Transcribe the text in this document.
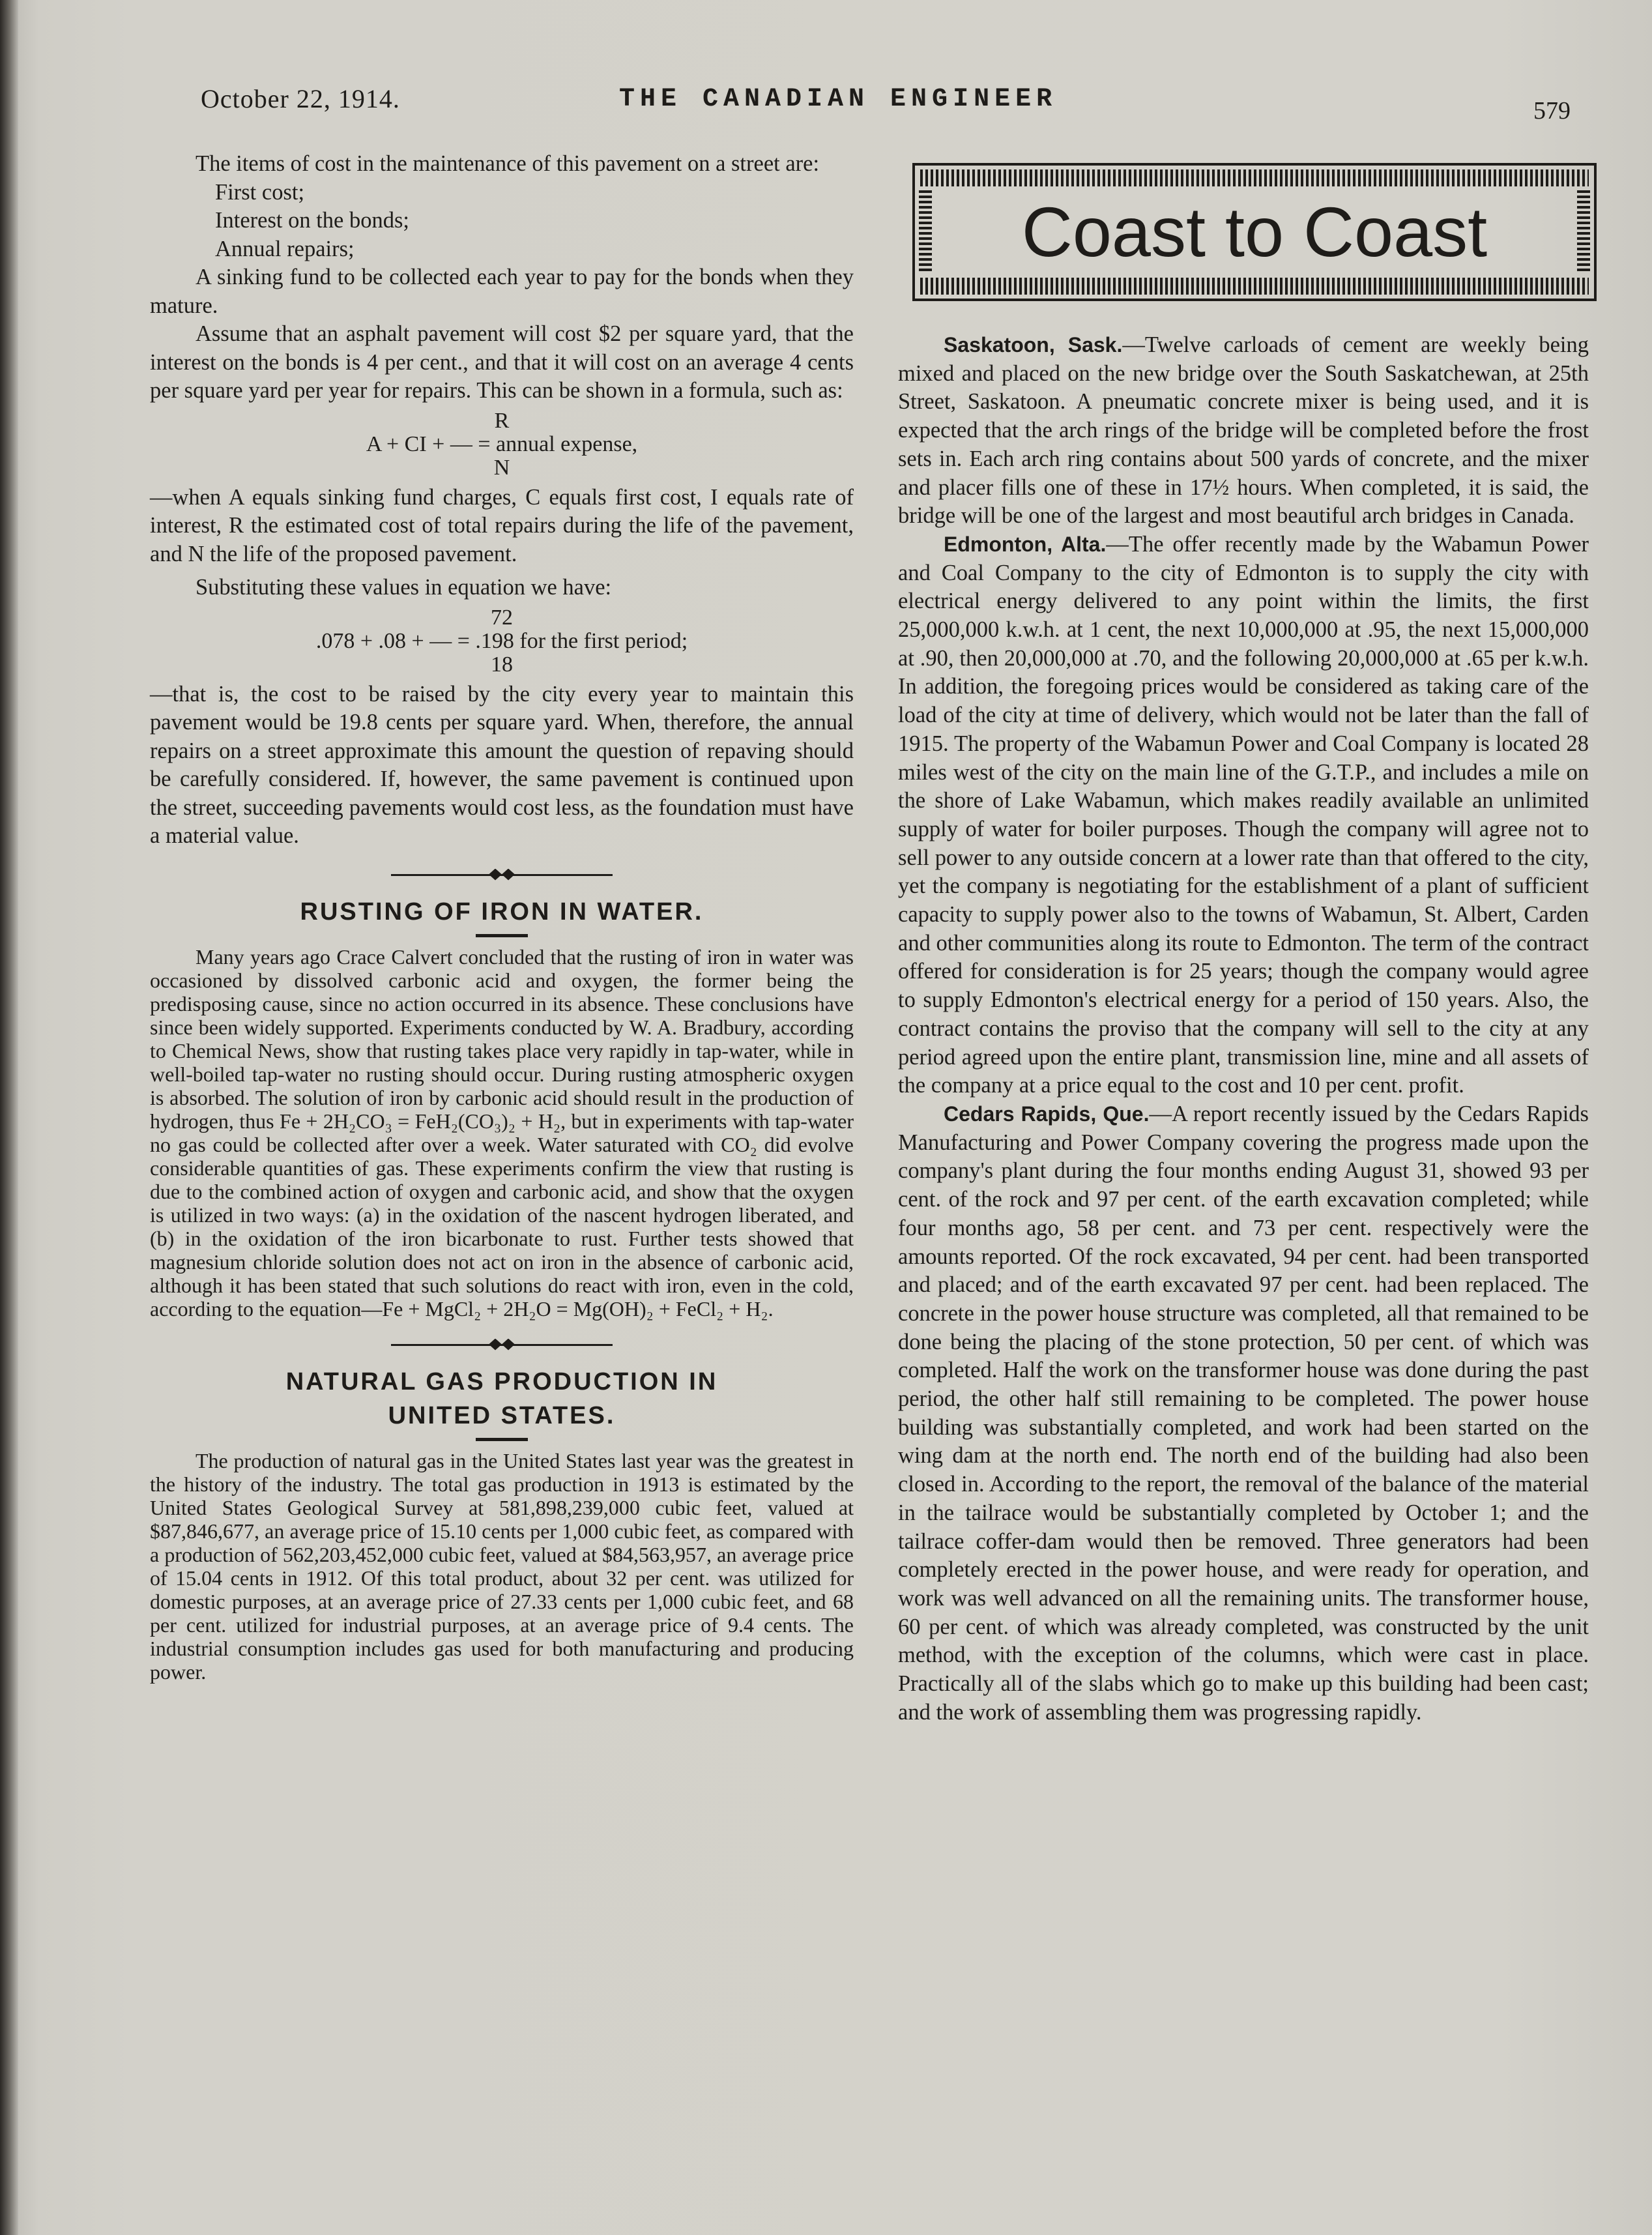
October 22, 1914.	THE CANADIAN ENGINEER	579

The items of cost in the maintenance of this pavement on a street are:

First cost;

Interest on the bonds;

Annual repairs;

A sinking fund to be collected each year to pay for the bonds when they mature.

Assume that an asphalt pavement will cost $2 per square yard, that the interest on the bonds is 4 per cent., and that it will cost on an average 4 cents per square yard per year for repairs. This can be shown in a formula, such as:

R
A + CI + — = annual expense,
N

—when A equals sinking fund charges, C equals first cost, I equals rate of interest, R the estimated cost of total repairs during the life of the pavement, and N the life of the proposed pavement.

Substituting these values in equation we have:

72
.078 + .08 + — = .198 for the first period;
18

—that is, the cost to be raised by the city every year to maintain this pavement would be 19.8 cents per square yard. When, therefore, the annual repairs on a street approximate this amount the question of repaving should be carefully considered. If, however, the same pavement is continued upon the street, succeeding pavements would cost less, as the foundation must have a material value.

RUSTING OF IRON IN WATER.

Many years ago Crace Calvert concluded that the rusting of iron in water was occasioned by dissolved carbonic acid and oxygen, the former being the predisposing cause, since no action occurred in its absence. These conclusions have since been widely supported. Experiments conducted by W. A. Bradbury, according to Chemical News, show that rusting takes place very rapidly in tap-water, while in well-boiled tap-water no rusting should occur. During rusting atmospheric oxygen is absorbed. The solution of iron by carbonic acid should result in the production of hydrogen, thus Fe + 2H₂CO₃ = FeH₂(CO₃)₂ + H₂, but in experiments with tap-water no gas could be collected after over a week. Water saturated with CO₂ did evolve considerable quantities of gas. These experiments confirm the view that rusting is due to the combined action of oxygen and carbonic acid, and show that the oxygen is utilized in two ways: (a) in the oxidation of the nascent hydrogen liberated, and (b) in the oxidation of the iron bicarbonate to rust. Further tests showed that magnesium chloride solution does not act on iron in the absence of carbonic acid, although it has been stated that such solutions do react with iron, even in the cold, according to the equation—Fe + MgCl₂ + 2H₂O = Mg(OH)₂ + FeCl₂ + H₂.

NATURAL GAS PRODUCTION IN
UNITED STATES.

The production of natural gas in the United States last year was the greatest in the history of the industry. The total gas production in 1913 is estimated by the United States Geological Survey at 581,898,239,000 cubic feet, valued at $87,846,677, an average price of 15.10 cents per 1,000 cubic feet, as compared with a production of 562,203,452,000 cubic feet, valued at $84,563,957, an average price of 15.04 cents in 1912. Of this total product, about 32 per cent. was utilized for domestic purposes, at an average price of 27.33 cents per 1,000 cubic feet, and 68 per cent. utilized for industrial purposes, at an average price of 9.4 cents. The industrial consumption includes gas used for both manufacturing and producing power.

Coast to Coast

Saskatoon, Sask.—Twelve carloads of cement are weekly being mixed and placed on the new bridge over the South Saskatchewan, at 25th Street, Saskatoon. A pneumatic concrete mixer is being used, and it is expected that the arch rings of the bridge will be completed before the frost sets in. Each arch ring contains about 500 yards of concrete, and the mixer and placer fills one of these in 17½ hours. When completed, it is said, the bridge will be one of the largest and most beautiful arch bridges in Canada.

Edmonton, Alta.—The offer recently made by the Wabamun Power and Coal Company to the city of Edmonton is to supply the city with electrical energy delivered to any point within the limits, the first 25,000,000 k.w.h. at 1 cent, the next 10,000,000 at .95, the next 15,000,000 at .90, then 20,000,000 at .70, and the following 20,000,000 at .65 per k.w.h. In addition, the foregoing prices would be considered as taking care of the load of the city at time of delivery, which would not be later than the fall of 1915. The property of the Wabamun Power and Coal Company is located 28 miles west of the city on the main line of the G.T.P., and includes a mile on the shore of Lake Wabamun, which makes readily available an unlimited supply of water for boiler purposes. Though the company will agree not to sell power to any outside concern at a lower rate than that offered to the city, yet the company is negotiating for the establishment of a plant of sufficient capacity to supply power also to the towns of Wabamun, St. Albert, Carden and other communities along its route to Edmonton. The term of the contract offered for consideration is for 25 years; though the company would agree to supply Edmonton's electrical energy for a period of 150 years. Also, the contract contains the proviso that the company will sell to the city at any period agreed upon the entire plant, transmission line, mine and all assets of the company at a price equal to the cost and 10 per cent. profit.

Cedars Rapids, Que.—A report recently issued by the Cedars Rapids Manufacturing and Power Company covering the progress made upon the company's plant during the four months ending August 31, showed 93 per cent. of the rock and 97 per cent. of the earth excavation completed; while four months ago, 58 per cent. and 73 per cent. respectively were the amounts reported. Of the rock excavated, 94 per cent. had been transported and placed; and of the earth excavated 97 per cent. had been replaced. The concrete in the power house structure was completed, all that remained to be done being the placing of the stone protection, 50 per cent. of which was completed. Half the work on the transformer house was done during the past period, the other half still remaining to be completed. The power house building was substantially completed, and work had been started on the wing dam at the north end. The north end of the building had also been closed in. According to the report, the removal of the balance of the material in the tailrace would be substantially completed by October 1; and the tailrace coffer-dam would then be removed. Three generators had been completely erected in the power house, and were ready for operation, and work was well advanced on all the remaining units. The transformer house, 60 per cent. of which was already completed, was constructed by the unit method, with the exception of the columns, which were cast in place. Practically all of the slabs which go to make up this building had been cast; and the work of assembling them was progressing rapidly.
